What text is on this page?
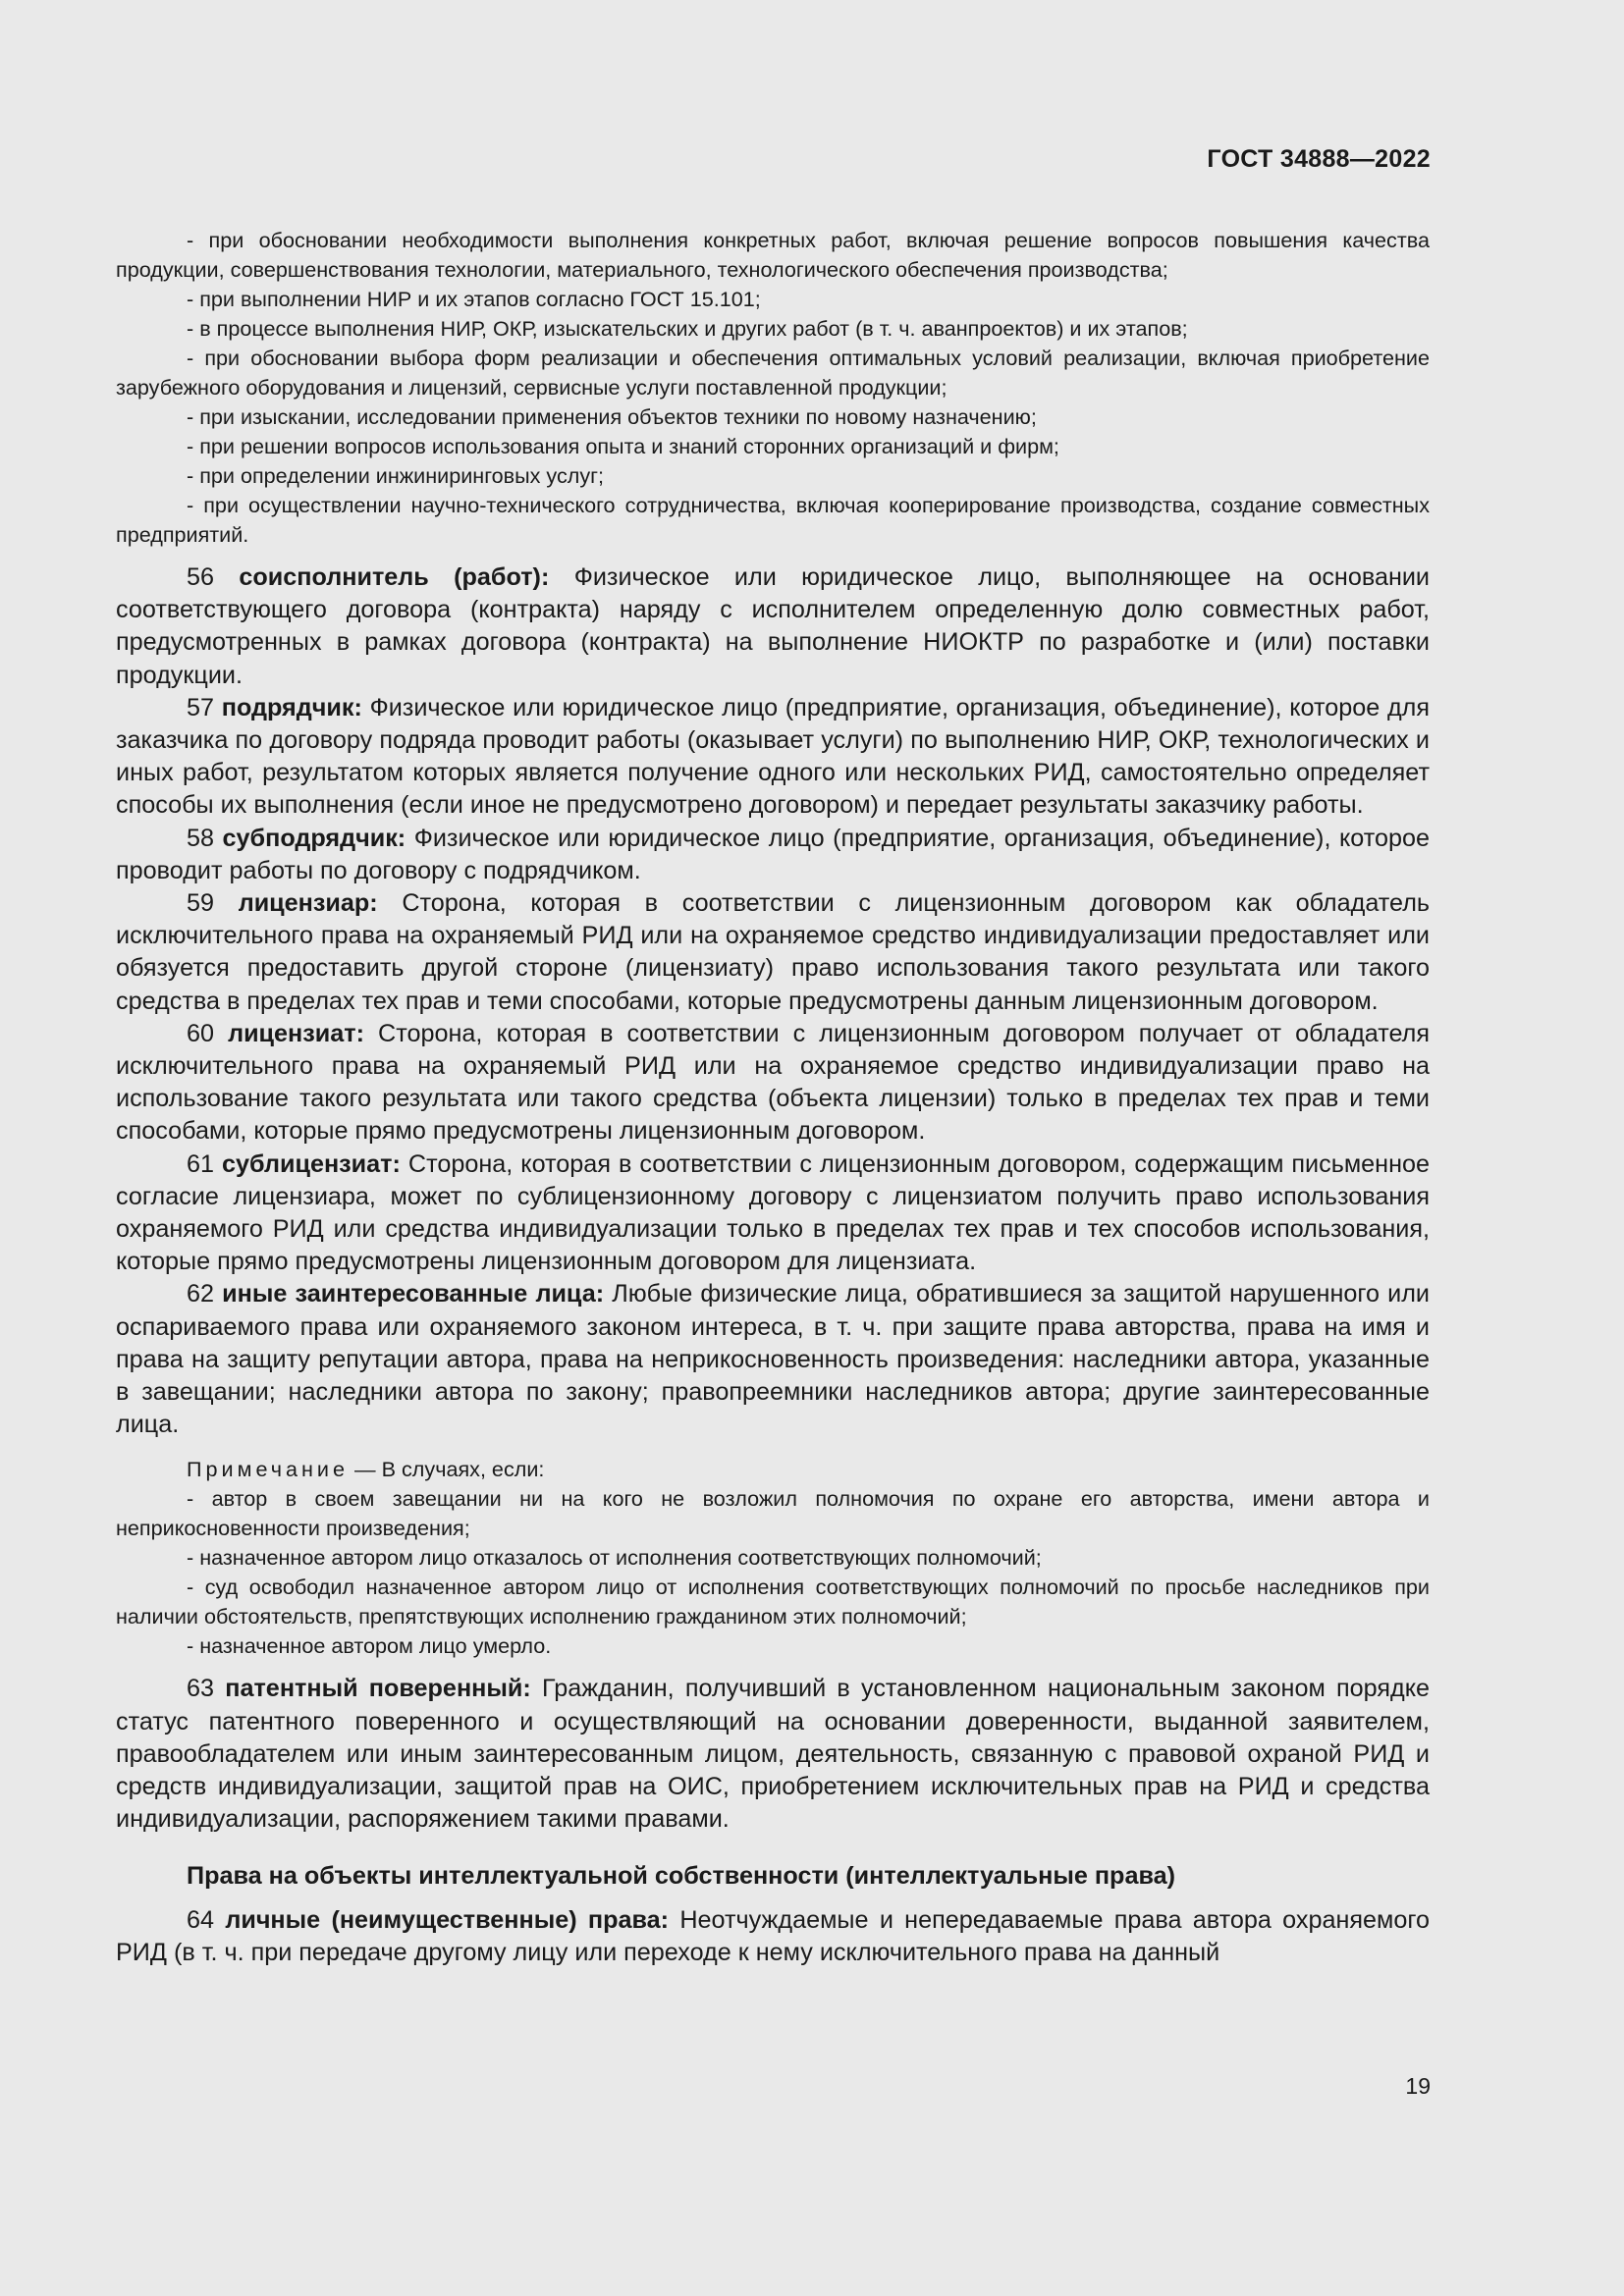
ГОСТ 34888—2022

- при обосновании необходимости выполнения конкретных работ, включая решение вопросов повышения качества продукции, совершенствования технологии, материального, технологического обеспечения производства;

- при выполнении НИР и их этапов согласно ГОСТ 15.101;

- в процессе выполнения НИР, ОКР, изыскательских и других работ (в т. ч. аванпроектов) и их этапов;

- при обосновании выбора форм реализации и обеспечения оптимальных условий реализации, включая приобретение зарубежного оборудования и лицензий, сервисные услуги поставленной продукции;

- при изыскании, исследовании применения объектов техники по новому назначению;

- при решении вопросов использования опыта и знаний сторонних организаций и фирм;

- при определении инжиниринговых услуг;

- при осуществлении научно-технического сотрудничества, включая кооперирование производства, создание совместных предприятий.

56 соисполнитель (работ): Физическое или юридическое лицо, выполняющее на основании соответствующего договора (контракта) наряду с исполнителем определенную долю совместных работ, предусмотренных в рамках договора (контракта) на выполнение НИОКТР по разработке и (или) поставки продукции.

57 подрядчик: Физическое или юридическое лицо (предприятие, организация, объединение), которое для заказчика по договору подряда проводит работы (оказывает услуги) по выполнению НИР, ОКР, технологических и иных работ, результатом которых является получение одного или нескольких РИД, самостоятельно определяет способы их выполнения (если иное не предусмотрено договором) и передает результаты заказчику работы.

58 субподрядчик: Физическое или юридическое лицо (предприятие, организация, объединение), которое проводит работы по договору с подрядчиком.

59 лицензиар: Сторона, которая в соответствии с лицензионным договором как обладатель исключительного права на охраняемый РИД или на охраняемое средство индивидуализации предоставляет или обязуется предоставить другой стороне (лицензиату) право использования такого результата или такого средства в пределах тех прав и теми способами, которые предусмотрены данным лицензионным договором.

60 лицензиат: Сторона, которая в соответствии с лицензионным договором получает от обладателя исключительного права на охраняемый РИД или на охраняемое средство индивидуализации право на использование такого результата или такого средства (объекта лицензии) только в пределах тех прав и теми способами, которые прямо предусмотрены лицензионным договором.

61 сублицензиат: Сторона, которая в соответствии с лицензионным договором, содержащим письменное согласие лицензиара, может по сублицензионному договору с лицензиатом получить право использования охраняемого РИД или средства индивидуализации только в пределах тех прав и тех способов использования, которые прямо предусмотрены лицензионным договором для лицензиата.

62 иные заинтересованные лица: Любые физические лица, обратившиеся за защитой нарушенного или оспариваемого права или охраняемого законом интереса, в т. ч. при защите права авторства, права на имя и права на защиту репутации автора, права на неприкосновенность произведения: наследники автора, указанные в завещании; наследники автора по закону; правопреемники наследников автора; другие заинтересованные лица.

Примечание — В случаях, если:

- автор в своем завещании ни на кого не возложил полномочия по охране его авторства, имени автора и неприкосновенности произведения;

- назначенное автором лицо отказалось от исполнения соответствующих полномочий;

- суд освободил назначенное автором лицо от исполнения соответствующих полномочий по просьбе наследников при наличии обстоятельств, препятствующих исполнению гражданином этих полномочий;

- назначенное автором лицо умерло.

63 патентный поверенный: Гражданин, получивший в установленном национальным законом порядке статус патентного поверенного и осуществляющий на основании доверенности, выданной заявителем, правообладателем или иным заинтересованным лицом, деятельность, связанную с правовой охраной РИД и средств индивидуализации, защитой прав на ОИС, приобретением исключительных прав на РИД и средства индивидуализации, распоряжением такими правами.

Права на объекты интеллектуальной собственности (интеллектуальные права)

64 личные (неимущественные) права: Неотчуждаемые и непередаваемые права автора охраняемого РИД (в т. ч. при передаче другому лицу или переходе к нему исключительного права на данный

19
